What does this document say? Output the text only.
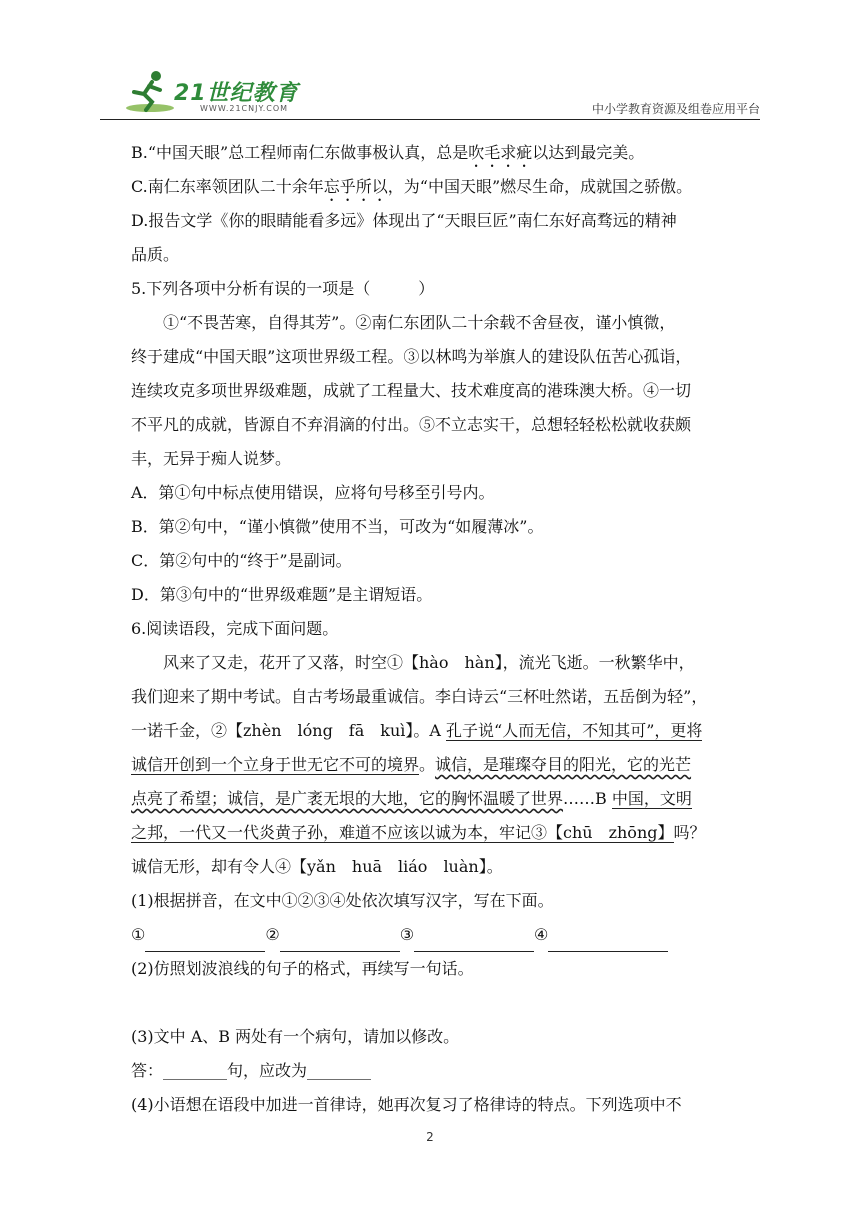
21世纪教育
WWW.21CNJY.COM	中小学教育资源及组卷应用平台
B.“中国天眼”总工程师南仁东做事极认真，总是吹毛求疵以达到最完美。
C.南仁东率领团队二十余年忘乎所以，为“中国天眼”燃尽生命，成就国之骄傲。
D.报告文学《你的眼睛能看多远》体现出了“天眼巨匠”南仁东好高骛远的精神
品质。
5.下列各项中分析有误的一项是（　　　）
①“不畏苦寒，自得其芳”。②南仁东团队二十余载不舍昼夜，谨小慎微，
终于建成“中国天眼”这项世界级工程。③以林鸣为举旗人的建设队伍苦心孤诣，
连续攻克多项世界级难题，成就了工程量大、技术难度高的港珠澳大桥。④一切
不平凡的成就，皆源自不弃涓滴的付出。⑤不立志实干，总想轻轻松松就收获颇
丰，无异于痴人说梦。
A．第①句中标点使用错误，应将句号移至引号内。
B．第②句中，“谨小慎微”使用不当，可改为“如履薄冰”。
C．第②句中的“终于”是副词。
D．第③句中的“世界级难题”是主谓短语。
6.阅读语段，完成下面问题。
风来了又走，花开了又落，时空①【hào　hàn】，流光飞逝。一秋繁华中，
我们迎来了期中考试。自古考场最重诚信。李白诗云“三杯吐然诺，五岳倒为轻”，
一诺千金，②【zhèn　lóng　fā　kuì】。A 孔子说“人而无信，不知其可”，更将
诚信开创到一个立身于世无它不可的境界。诚信，是璀璨夺目的阳光，它的光芒
点亮了希望；诚信，是广袤无垠的大地，它的胸怀温暖了世界……B 中国，文明
之邦，一代又一代炎黄子孙，难道不应该以诚为本，牢记③【chū　zhōng】吗？
诚信无形，却有令人④【yǎn　huā　liáo　luàn】。
(1)根据拼音，在文中①②③④处依次填写汉字，写在下面。
①	②	③	④
(2)仿照划波浪线的句子的格式，再续写一句话。
(3)文中 A、B 两处有一个病句，请加以修改。
答：________句，应改为________
(4)小语想在语段中加进一首律诗，她再次复习了格律诗的特点。下列选项中不
2
